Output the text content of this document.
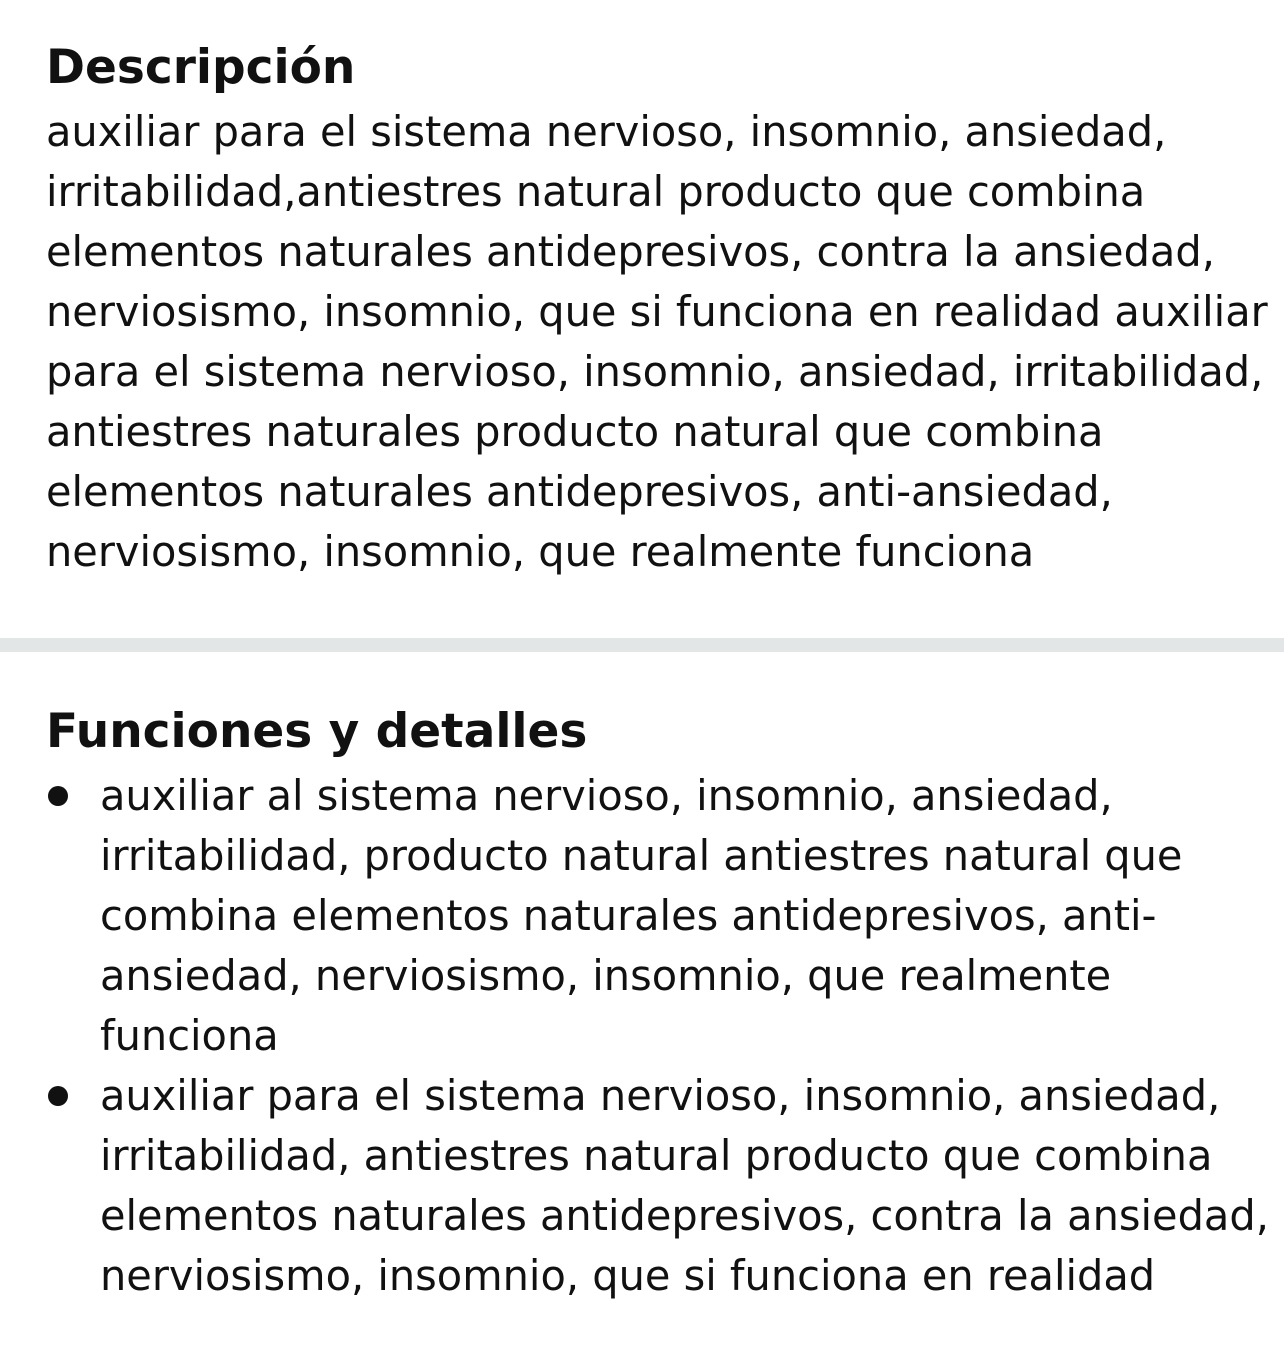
Descripción

auxiliar para el sistema nervioso, insomnio, ansiedad,
irritabilidad,antiestres natural producto que combina
elementos naturales antidepresivos, contra la ansiedad,
nerviosismo, insomnio, que si funciona en realidad auxiliar
para el sistema nervioso, insomnio, ansiedad, irritabilidad,
antiestres naturales producto natural que combina
elementos naturales antidepresivos, anti-ansiedad,
nerviosismo, insomnio, que realmente funciona

Funciones y detalles
auxiliar al sistema nervioso, insomnio, ansiedad,
irritabilidad, producto natural antiestres natural que
combina elementos naturales antidepresivos, anti-
ansiedad, nerviosismo, insomnio, que realmente
funciona
auxiliar para el sistema nervioso, insomnio, ansiedad,
irritabilidad, antiestres natural producto que combina
elementos naturales antidepresivos, contra la ansiedad,
nerviosismo, insomnio, que si funciona en realidad
